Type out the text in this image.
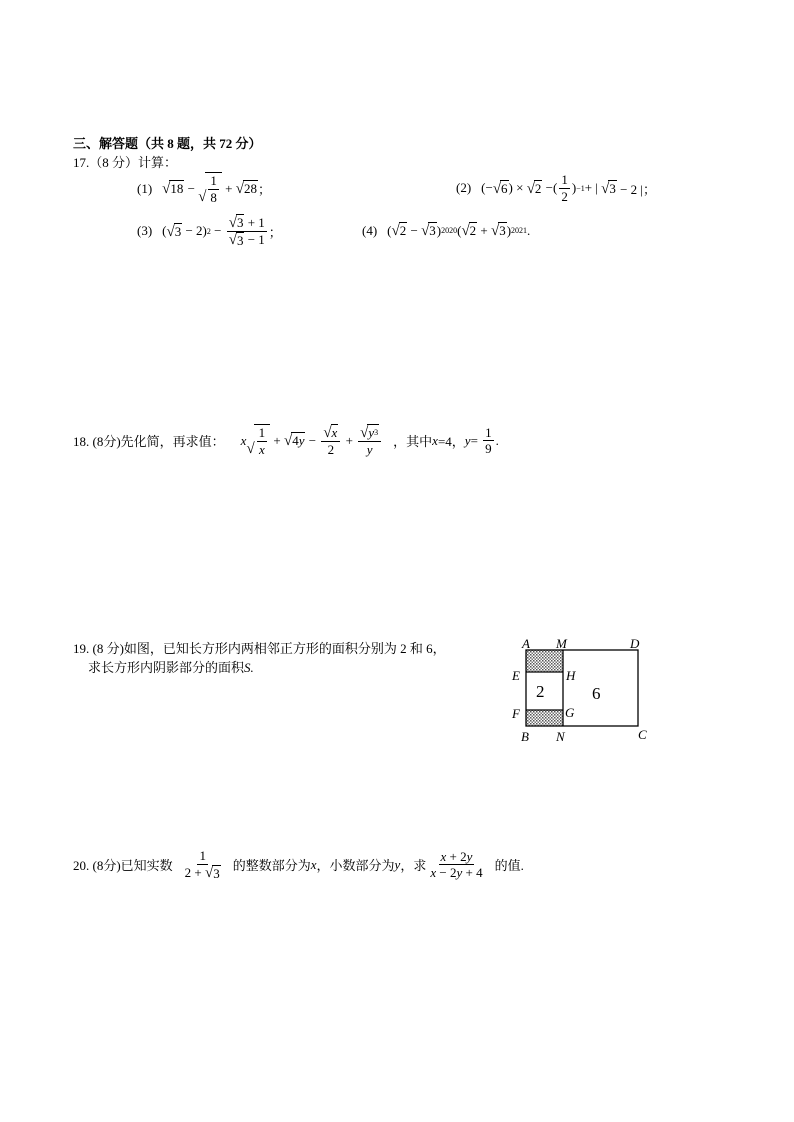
三、解答题（共 8 题，共 72 分）
17.（8 分）计算：
(1) √ 18 −
√ $\frac{1}{8}$ + √ 28 ；	(2) (− √ 6 ) × √ 2 −( $\frac{1}{2}$ ) −1 + | √ 3 − 2 |；
(3) ( √ 3 − 2) $2 - \frac{√ 3 + 1}{√ 3 - 1}$ ；	(4) ( √ 2 − √ 3 ) 2020 ( √ 2 + √ 3 ) 2021 .
18. (8分)先化简，再求值： x
√ $\frac{1}{x}$ + √ 4 $y - \frac{√ x}{2} + \frac{√ y 3}{y}$ ，其中 x =4， $y = \frac{1}{9}$ .
19. (8 分)如图，已知长方形内两相邻正方形的面积分别为 2 和 6，
求长方形内阴影部分的面积S.
A M	D
E	H
F	G
B N	C
2	6
20. (8分)已知实数 $\frac{1}{2 + √ 3}$ 的整数部分为 x ，小数部分为 y ，求 $\frac{x + 2 y}{x - 2 y + 4}$ 的值.
